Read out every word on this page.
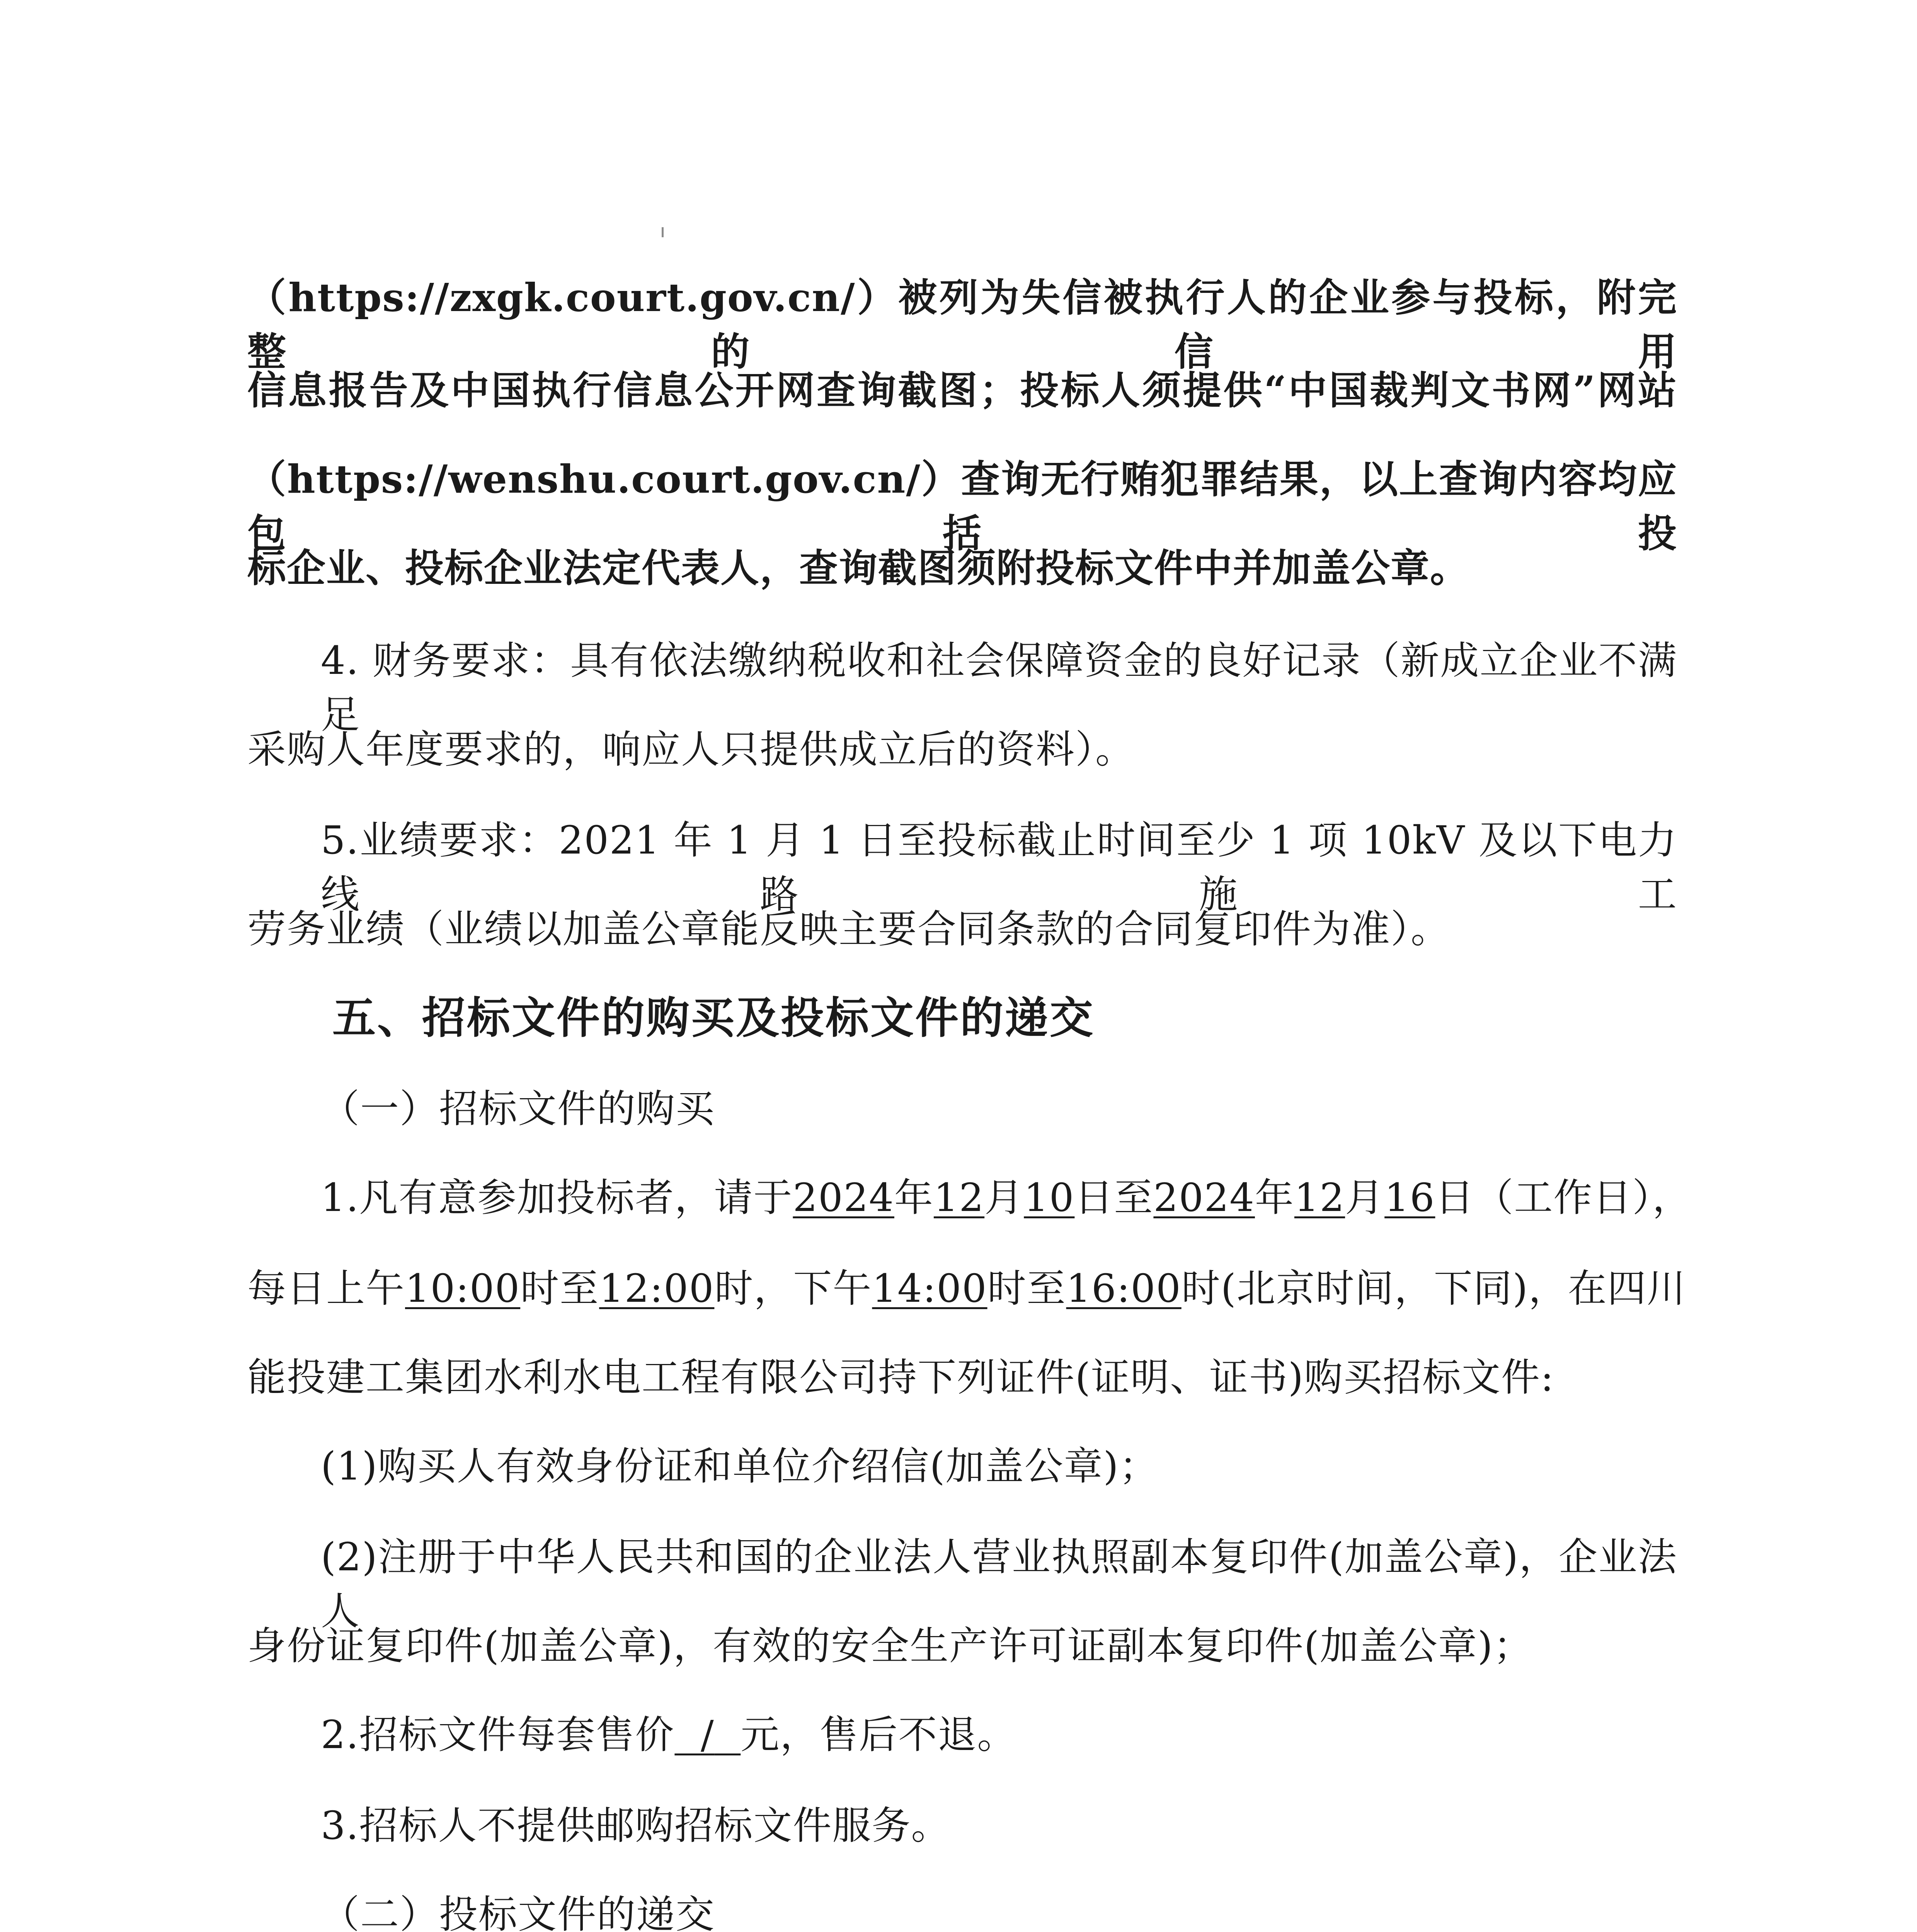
（https://zxgk.court.gov.cn/）被列为失信被执行人的企业参与投标，附完整的信用
信息报告及中国执行信息公开网查询截图；投标人须提供“中国裁判文书网”网站
（https://wenshu.court.gov.cn/）查询无行贿犯罪结果，以上查询内容均应包括投
标企业、投标企业法定代表人，查询截图须附投标文件中并加盖公章。
4. 财务要求：具有依法缴纳税收和社会保障资金的良好记录（新成立企业不满足
采购人年度要求的，响应人只提供成立后的资料）。
5.业绩要求：2021 年 1 月 1 日至投标截止时间至少 1 项 10kV 及以下电力线路施工
劳务业绩（业绩以加盖公章能反映主要合同条款的合同复印件为准）。
五、招标文件的购买及投标文件的递交
（一）招标文件的购买
1.凡有意参加投标者，请于2024年12月10日至2024年12月16日（工作日），
每日上午10:00时至12:00时，下午14:00时至16:00时(北京时间，下同)，在四川
能投建工集团水利水电工程有限公司持下列证件(证明、证书)购买招标文件:
(1)购买人有效身份证和单位介绍信(加盖公章)；
(2)注册于中华人民共和国的企业法人营业执照副本复印件(加盖公章)，企业法人
身份证复印件(加盖公章)，有效的安全生产许可证副本复印件(加盖公章)；
2.招标文件每套售价 / 元，售后不退。
3.招标人不提供邮购招标文件服务。
（二）投标文件的递交
